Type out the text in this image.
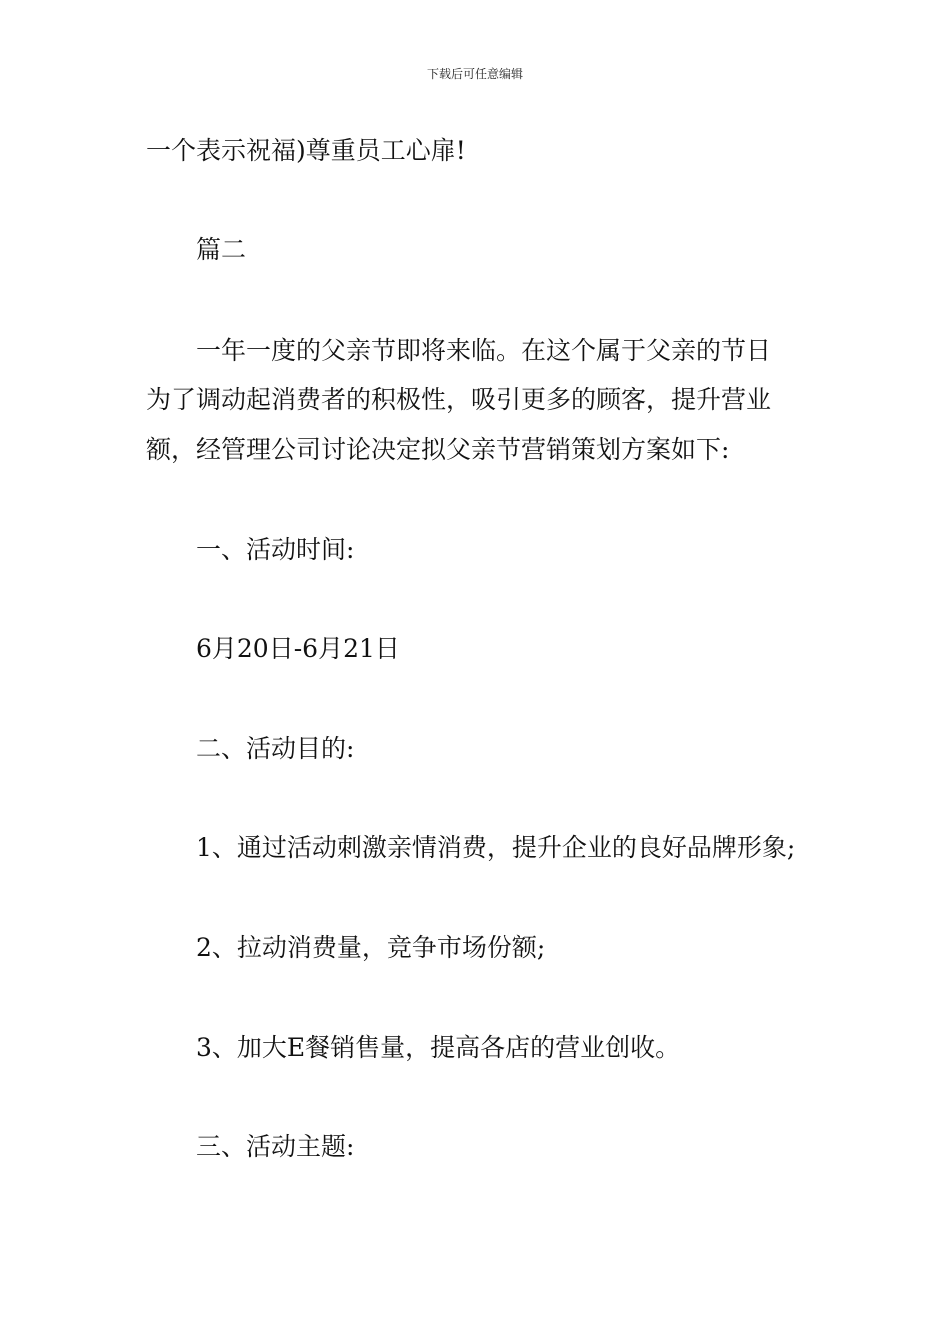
下载后可任意编辑
一个表示祝福)尊重员工心扉!
篇二
一年一度的父亲节即将来临。在这个属于父亲的节日
为了调动起消费者的积极性，吸引更多的顾客，提升营业
额，经管理公司讨论决定拟父亲节营销策划方案如下:
一、活动时间:
6月20日-6月21日
二、活动目的:
1、通过活动刺激亲情消费，提升企业的良好品牌形象;
2、拉动消费量，竞争市场份额;
3、加大E餐销售量，提高各店的营业创收。
三、活动主题:
